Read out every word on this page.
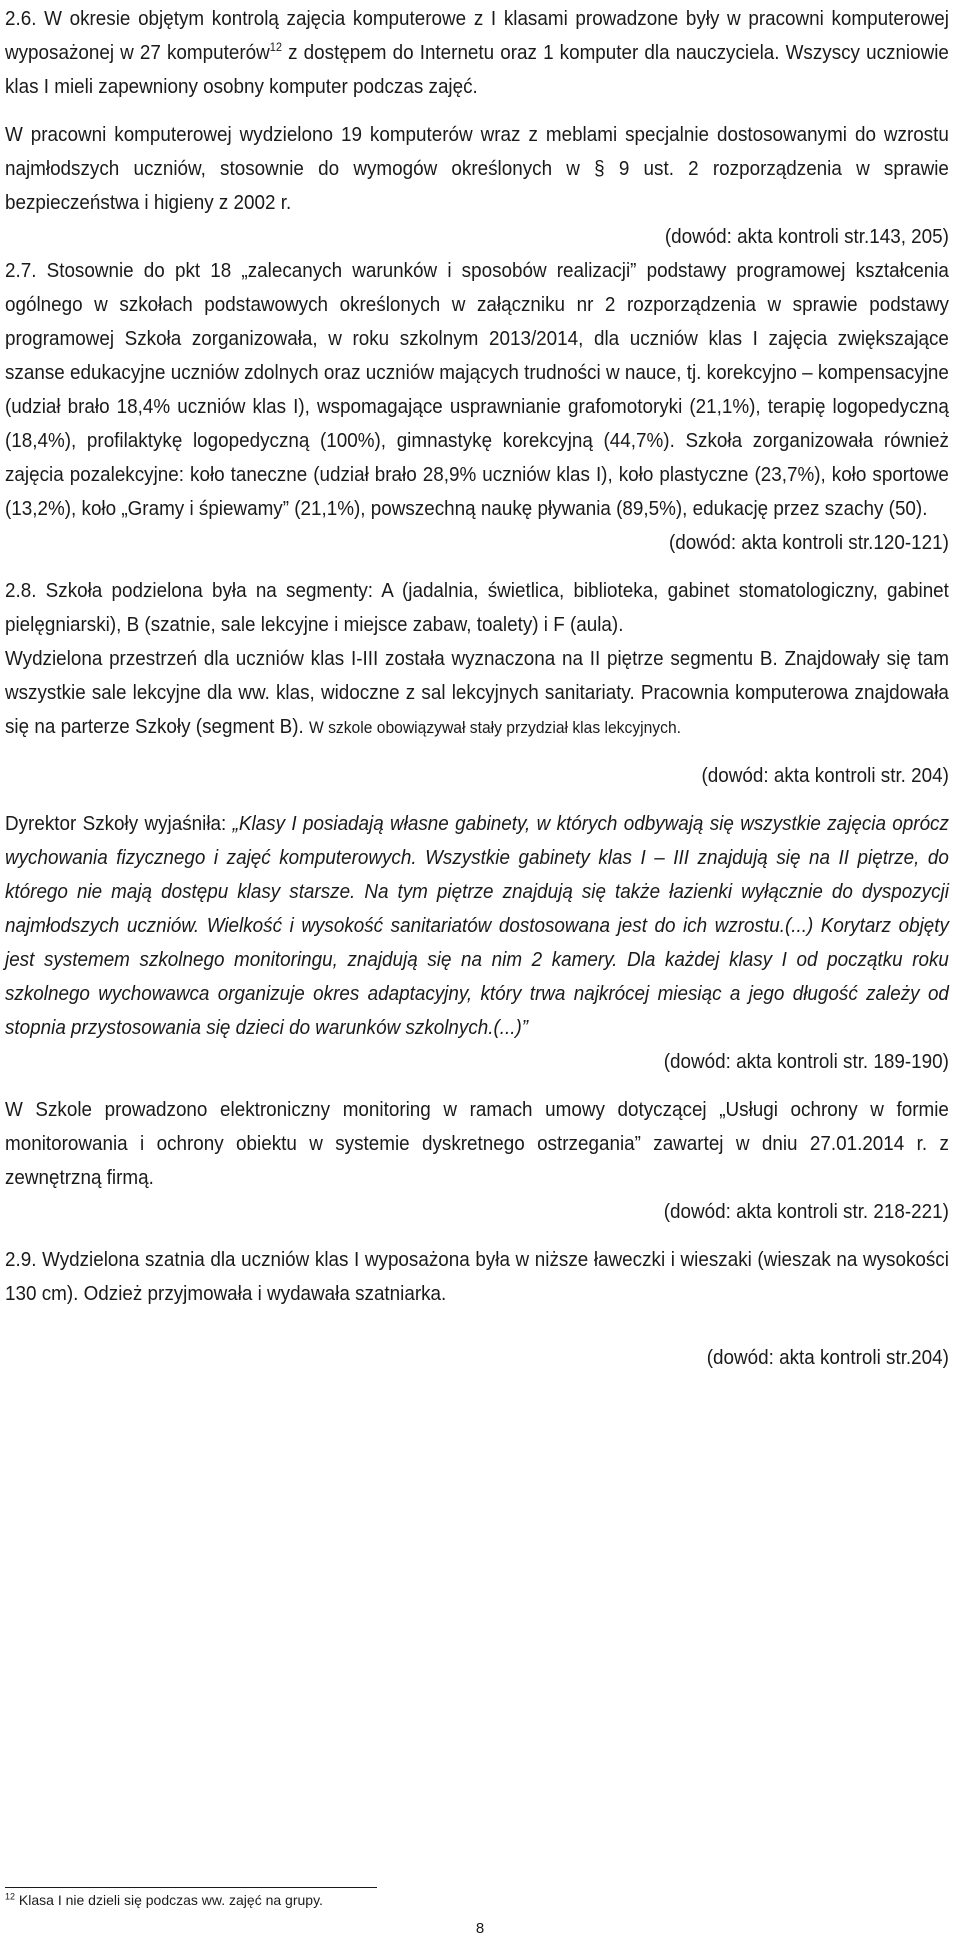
2.6. W okresie objętym kontrolą zajęcia komputerowe z I klasami prowadzone były w pracowni komputerowej wyposażonej w 27 komputerów$^{12}$ z dostępem do Internetu oraz 1 komputer dla nauczyciela. Wszyscy uczniowie klas I mieli zapewniony osobny komputer podczas zajęć.

W pracowni komputerowej wydzielono 19 komputerów wraz z meblami specjalnie dostosowanymi do wzrostu najmłodszych uczniów, stosownie do wymogów określonych w § 9 ust. 2 rozporządzenia w sprawie bezpieczeństwa i higieny z 2002 r.

(dowód: akta kontroli str.143, 205)

2.7. Stosownie do pkt 18 „zalecanych warunków i sposobów realizacji” podstawy programowej kształcenia ogólnego w szkołach podstawowych określonych w załączniku nr 2 rozporządzenia w sprawie podstawy programowej Szkoła zorganizowała, w roku szkolnym 2013/2014, dla uczniów klas I zajęcia zwiększające szanse edukacyjne uczniów zdolnych oraz uczniów mających trudności w nauce, tj. korekcyjno – kompensacyjne (udział brało 18,4% uczniów klas I), wspomagające usprawnianie grafomotoryki (21,1%), terapię logopedyczną (18,4%), profilaktykę logopedyczną (100%), gimnastykę korekcyjną (44,7%). Szkoła zorganizowała również zajęcia pozalekcyjne: koło taneczne (udział brało 28,9% uczniów klas I), koło plastyczne (23,7%), koło sportowe (13,2%), koło „Gramy i śpiewamy” (21,1%), powszechną naukę pływania (89,5%), edukację przez szachy (50).

(dowód: akta kontroli str.120-121)

2.8. Szkoła podzielona była na segmenty: A (jadalnia, świetlica, biblioteka, gabinet stomatologiczny, gabinet pielęgniarski), B (szatnie, sale lekcyjne i miejsce zabaw, toalety) i F (aula).

Wydzielona przestrzeń dla uczniów klas I-III została wyznaczona na II piętrze segmentu B. Znajdowały się tam wszystkie sale lekcyjne dla ww. klas, widoczne z sal lekcyjnych sanitariaty. Pracownia komputerowa znajdowała się na parterze Szkoły (segment B). W szkole obowiązywał stały przydział klas lekcyjnych.

(dowód: akta kontroli str. 204)

Dyrektor Szkoły wyjaśniła: „Klasy I posiadają własne gabinety, w których odbywają się wszystkie zajęcia oprócz wychowania fizycznego i zajęć komputerowych. Wszystkie gabinety klas I – III znajdują się na II piętrze, do którego nie mają dostępu klasy starsze. Na tym piętrze znajdują się także łazienki wyłącznie do dyspozycji najmłodszych uczniów. Wielkość i wysokość sanitariatów dostosowana jest do ich wzrostu.(...) Korytarz objęty jest systemem szkolnego monitoringu, znajdują się na nim 2 kamery. Dla każdej klasy I od początku roku szkolnego wychowawca organizuje okres adaptacyjny, który trwa najkrócej miesiąc a jego długość zależy od stopnia przystosowania się dzieci do warunków szkolnych.(...)”

(dowód: akta kontroli str. 189-190)

W Szkole prowadzono elektroniczny monitoring w ramach umowy dotyczącej „Usługi ochrony w formie monitorowania i ochrony obiektu w systemie dyskretnego ostrzegania” zawartej w dniu 27.01.2014 r. z zewnętrzną firmą.

(dowód: akta kontroli str. 218-221)

2.9. Wydzielona szatnia dla uczniów klas I wyposażona była w niższe ławeczki i wieszaki (wieszak na wysokości 130 cm). Odzież przyjmowała i wydawała szatniarka.

(dowód: akta kontroli str.204)

$^{12}$ Klasa I nie dzieli się podczas ww. zajęć na grupy.
8
